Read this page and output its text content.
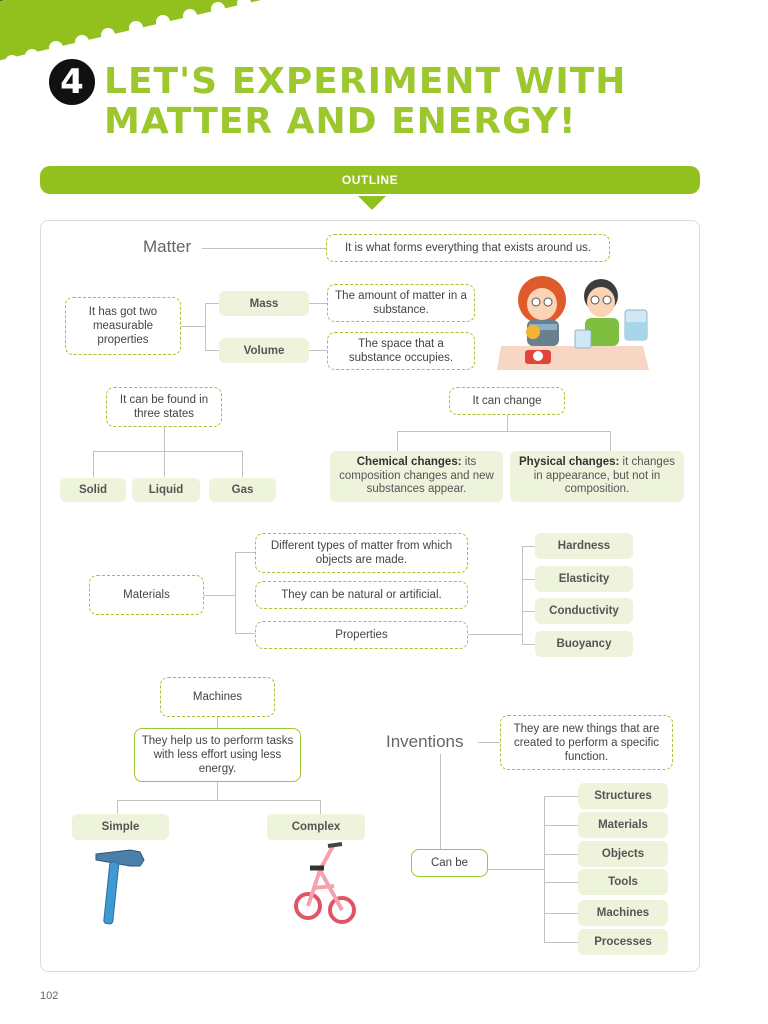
4 LET'S EXPERIMENT WITH MATTER AND ENERGY!
OUTLINE
Matter	It is what forms everything that exists around us.
It has got two measurable properties
Mass
Volume
The amount of matter in a substance.
The space that a substance occupies.
It can be found in three states
Solid	Liquid	Gas
It can change
Chemical changes: its composition changes and new substances appear.
Physical changes: it changes in appearance, but not in composition.
Materials
Different types of matter from which objects are made.
They can be natural or artificial.
Properties
Hardness
Elasticity
Conductivity
Buoyancy
Machines
They help us to perform tasks with less effort using less energy.
Simple	Complex
Inventions
They are new things that are created to perform a specific function.
Can be
Structures
Materials
Objects
Tools
Machines
Processes
102
